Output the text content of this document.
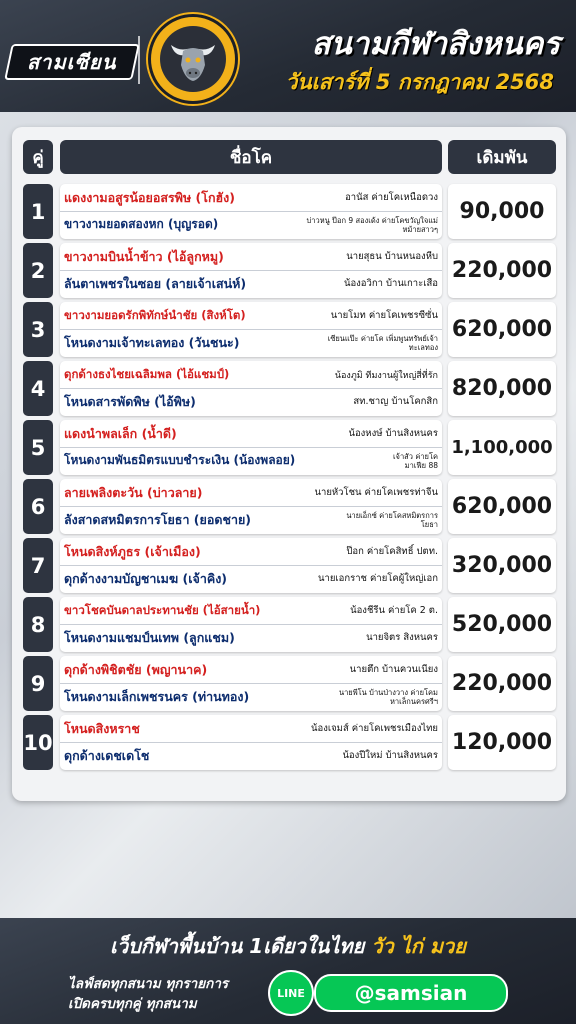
สามเซียน	สนามกีฬาสิงหนคร
วันเสาร์ที่ 5 กรกฎาคม 2568
คู่	ชื่อโค	เดิมพัน
1
แดงงามอสูรน้อยอสรพิษ (โกฮัง)	อานัส ค่ายโคเหนือดวง
ขาวงามยอดสองหก (บุญรอด)	บ่าวหนู ป๊อก 9 สองเด้ง ค่ายโคขวัญใจแม่หม้ายสาวๆ
90,000
2
ขาวงามบินน้ำข้าว (ไอ้ลูกหมู)	นายสุธน บ้านหนองหีบ
ลันตาเพชรในซอย (ลายเจ้าเสน่ห์)	น้องอวิกา บ้านเกาะเสือ
220,000
3
ขาวงามยอดรักพิทักษ์นำชัย (สิงห์โต)	นายโมท ค่ายโคเพชรซีซั่น
โหนดงามเจ้าทะเลทอง (วันชนะ)	เซียนแป๊ะ ค่ายโค เพิ่มพูนทรัพย์เจ้าทะเลทอง
620,000
4
ดุกด้างธงไชยเฉลิมพล (ไอ้แชมป์)	น้องภูมิ ทีมงานผู้ใหญ่สี่ที่รัก
โหนดสารพัดพิษ (ไอ้พิษ)	สท.ชาญ บ้านโคกสิก
820,000
5
แดงนำพลเล็ก (น้ำดี)	น้องหงษ์ บ้านสิงหนคร
โหนดงามพันธมิตรแบบชำระเงิน (น้องพลอย)	เจ้าสัว ค่ายโคมาเฟีย 88
1,100,000
6
ลายเพลิงตะวัน (บ่าวลาย)	นายหัวโชน ค่ายโคเพชรท่าจีน
ลังสาดสหมิตรการโยธา (ยอดชาย)	นายเอ็กซ์ ค่ายโคสหมิตรการโยธา
620,000
7
โหนดสิงห์ภูธร (เจ้าเมือง)	ป๊อก ค่ายโคสิทธิ์ ปตท.
ดุกด้างงามบัญชาเมฆ (เจ้าคิง)	นายเอกราช ค่ายโคผู้ใหญ่เอก
320,000
8
ขาวโชคบันดาลประทานชัย (ไอ้สายน้ำ)	น้องชีรีน ค่ายโค 2 ต.
โหนดงามแชมป์นเทพ (ลูกแชม)	นายจิตร สิงหนคร
520,000
9
ดุกด้างพิชิตชัย (พญานาค)	นายตึก บ้านควนเนียง
โหนดงามเล็กเพชรนคร (ท่านทอง)	นายพีโน บ้านป่างวาง ค่ายโคมหาเล็กนครศรีฯ
220,000
10
โหนดสิงหราช	น้องเจมส์ ค่ายโคเพชรเมืองไทย
ดุกด้างเดชเดโช	น้องปีใหม่ บ้านสิงหนคร
120,000
เว็บกีฬาพื้นบ้าน 1เดียวในไทย วัว ไก่ มวย
ไลฟ์สดทุกสนาม ทุกรายการ
เปิดครบทุกคู่ ทุกสนาม
LINE	@samsian
